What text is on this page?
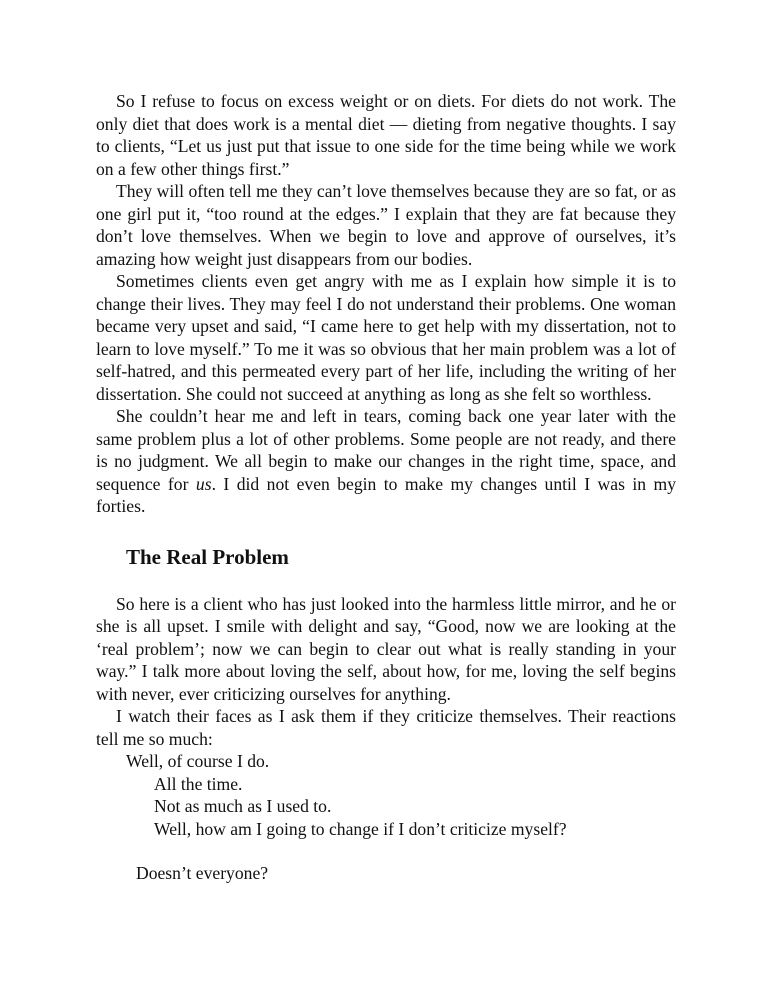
So I refuse to focus on excess weight or on diets. For diets do not work. The only diet that does work is a mental diet — dieting from negative thoughts. I say to clients, “Let us just put that issue to one side for the time being while we work on a few other things first.”

They will often tell me they can’t love themselves because they are so fat, or as one girl put it, “too round at the edges.” I explain that they are fat because they don’t love themselves. When we begin to love and approve of ourselves, it’s amazing how weight just disappears from our bodies.

Sometimes clients even get angry with me as I explain how simple it is to change their lives. They may feel I do not understand their problems. One woman became very upset and said, “I came here to get help with my dissertation, not to learn to love myself.” To me it was so obvious that her main problem was a lot of self-hatred, and this permeated every part of her life, including the writing of her dissertation. She could not succeed at anything as long as she felt so worthless.

She couldn’t hear me and left in tears, coming back one year later with the same problem plus a lot of other problems. Some people are not ready, and there is no judgment. We all begin to make our changes in the right time, space, and sequence for us. I did not even begin to make my changes until I was in my forties.

The Real Problem

So here is a client who has just looked into the harmless little mirror, and he or she is all upset. I smile with delight and say, “Good, now we are looking at the ‘real problem’; now we can begin to clear out what is really standing in your way.” I talk more about loving the self, about how, for me, loving the self begins with never, ever criticizing ourselves for anything.

I watch their faces as I ask them if they criticize themselves. Their reactions tell me so much:

Well, of course I do.
All the time.
Not as much as I used to.
Well, how am I going to change if I don’t criticize myself?

Doesn’t everyone?
